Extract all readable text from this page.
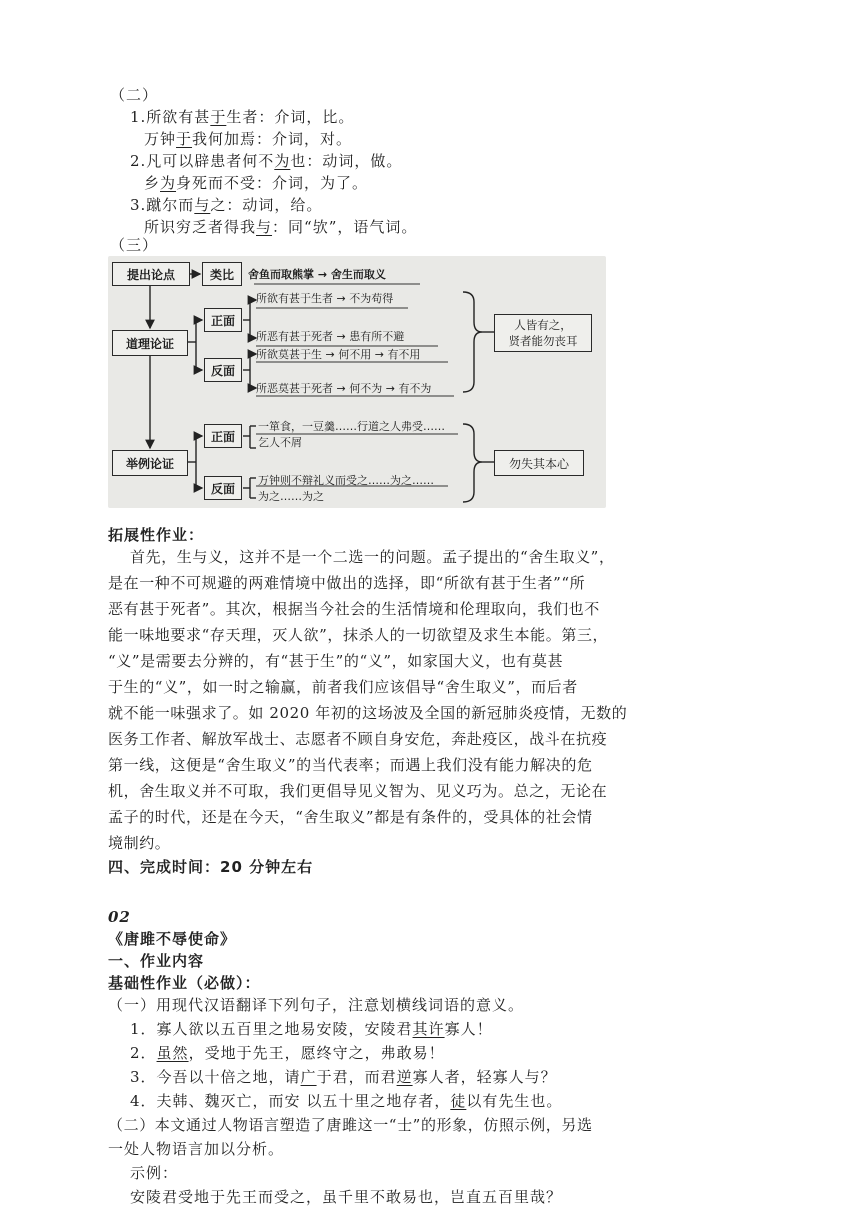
（二）
1.所欲有甚于生者：介词，比。
万钟于我何加焉：介词，对。
2.凡可以辟患者何不为也：动词，做。
乡为身死而不受：介词，为了。
3.蹴尔而与之：动词，给。
所识穷乏者得我与：同“欤”，语气词。
（三）
提出论点	类比	舍鱼而取熊掌 → 舍生而取义
道理论证
正面
反面
所欲有甚于生者 → 不为苟得
所恶有甚于死者 → 患有所不避
所欲莫甚于生 → 何不用 → 有不用
所恶莫甚于死者 → 何不为 → 有不为
人皆有之，
贤者能勿丧耳
举例论证
正面
反面
一箪食，一豆羹……行道之人弗受……
乞人不屑
万钟则不辩礼义而受之……为之……
为之……为之
勿失其本心
拓展性作业：
首先，生与义，这并不是一个二选一的问题。孟子提出的“舍生取义”，
是在一种不可规避的两难情境中做出的选择，即“所欲有甚于生者”“所
恶有甚于死者”。其次，根据当今社会的生活情境和伦理取向，我们也不
能一味地要求“存天理，灭人欲”，抹杀人的一切欲望及求生本能。第三，
“义”是需要去分辨的，有“甚于生”的“义”，如家国大义，也有莫甚
于生的“义”，如一时之输赢，前者我们应该倡导“舍生取义”，而后者
就不能一味强求了。如 2020 年初的这场波及全国的新冠肺炎疫情，无数的
医务工作者、解放军战士、志愿者不顾自身安危，奔赴疫区，战斗在抗疫
第一线，这便是“舍生取义”的当代表率；而遇上我们没有能力解决的危
机，舍生取义并不可取，我们更倡导见义智为、见义巧为。总之，无论在
孟子的时代，还是在今天，“舍生取义”都是有条件的，受具体的社会情
境制约。
四、完成时间：20 分钟左右
02
《唐雎不辱使命》
一、作业内容
基础性作业（必做）：
（一）用现代汉语翻译下列句子，注意划横线词语的意义。
1．寡人欲以五百里之地易安陵，安陵君其许寡人！
2．虽然，受地于先王，愿终守之，弗敢易！
3．今吾以十倍之地，请广于君，而君逆寡人者，轻寡人与？
4．夫韩、魏灭亡，而安 以五十里之地存者，徒以有先生也。
（二）本文通过人物语言塑造了唐雎这一“士”的形象，仿照示例，另选
一处人物语言加以分析。
示例：
安陵君受地于先王而受之，虽千里不敢易也，岂直五百里哉？
